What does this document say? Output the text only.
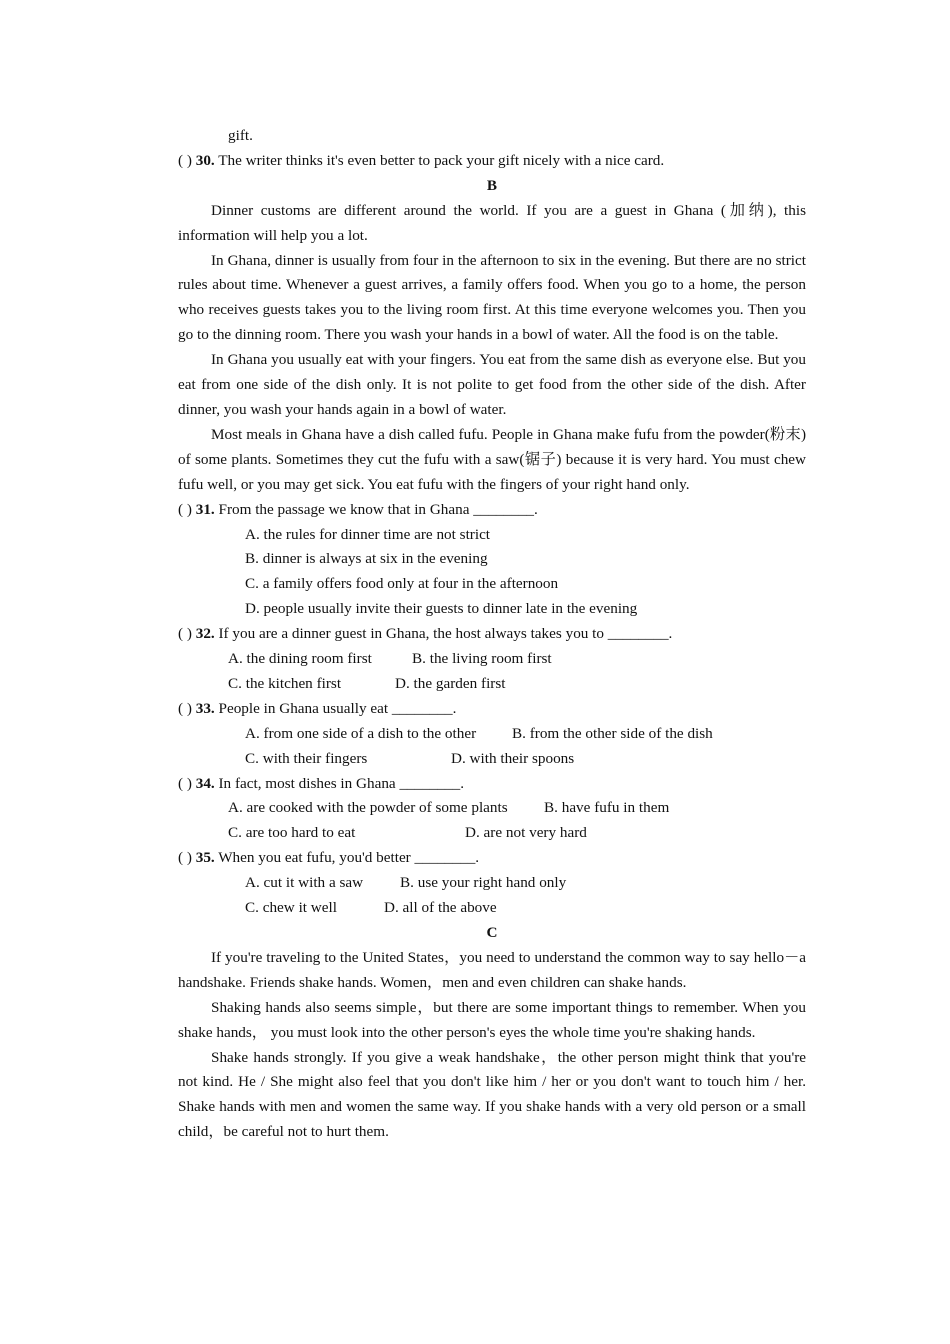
gift.
( ) 30. The writer thinks it's even better to pack your gift nicely with a nice card.
B

Dinner customs are different around the world. If you are a guest in Ghana (加纳), this information will help you a lot.

In Ghana, dinner is usually from four in the afternoon to six in the evening. But there are no strict rules about time. Whenever a guest arrives, a family offers food. When you go to a home, the person who receives guests takes you to the living room first. At this time everyone welcomes you. Then you go to the dinning room. There you wash your hands in a bowl of water. All the food is on the table.

In Ghana you usually eat with your fingers. You eat from the same dish as everyone else. But you eat from one side of the dish only. It is not polite to get food from the other side of the dish. After dinner, you wash your hands again in a bowl of water.

Most meals in Ghana have a dish called fufu. People in Ghana make fufu from the powder(粉末) of some plants. Sometimes they cut the fufu with a saw(锯子) because it is very hard. You must chew fufu well, or you may get sick. You eat fufu with the fingers of your right hand only.

( ) 31. From the passage we know that in Ghana ________.
A. the rules for dinner time are not strict
B. dinner is always at six in the evening
C. a family offers food only at four in the afternoon
D. people usually invite their guests to dinner late in the evening
( ) 32. If you are a dinner guest in Ghana, the host always takes you to ________.
A. the dining room first	B. the living room first
C. the kitchen first	D. the garden first
( ) 33. People in Ghana usually eat ________.
A. from one side of a dish to the other	B. from the other side of the dish
C. with their fingers	D. with their spoons
( ) 34. In fact, most dishes in Ghana ________.
A. are cooked with the powder of some plants	B. have fufu in them
C. are too hard to eat	D. are not very hard
( ) 35. When you eat fufu, you'd better ________.
A. cut it with a saw	B. use your right hand only
C. chew it well	D. all of the above
C

If you're traveling to the United States，you need to understand the common way to say hello－a handshake. Friends shake hands. Women，men and even children can shake hands.

Shaking hands also seems simple，but there are some important things to remember. When you shake hands， you must look into the other person's eyes the whole time you're shaking hands.

Shake hands strongly. If you give a weak handshake，the other person might think that you're not kind. He / She might also feel that you don't like him / her or you don't want to touch him / her. Shake hands with men and women the same way. If you shake hands with a very old person or a small child，be careful not to hurt them.
